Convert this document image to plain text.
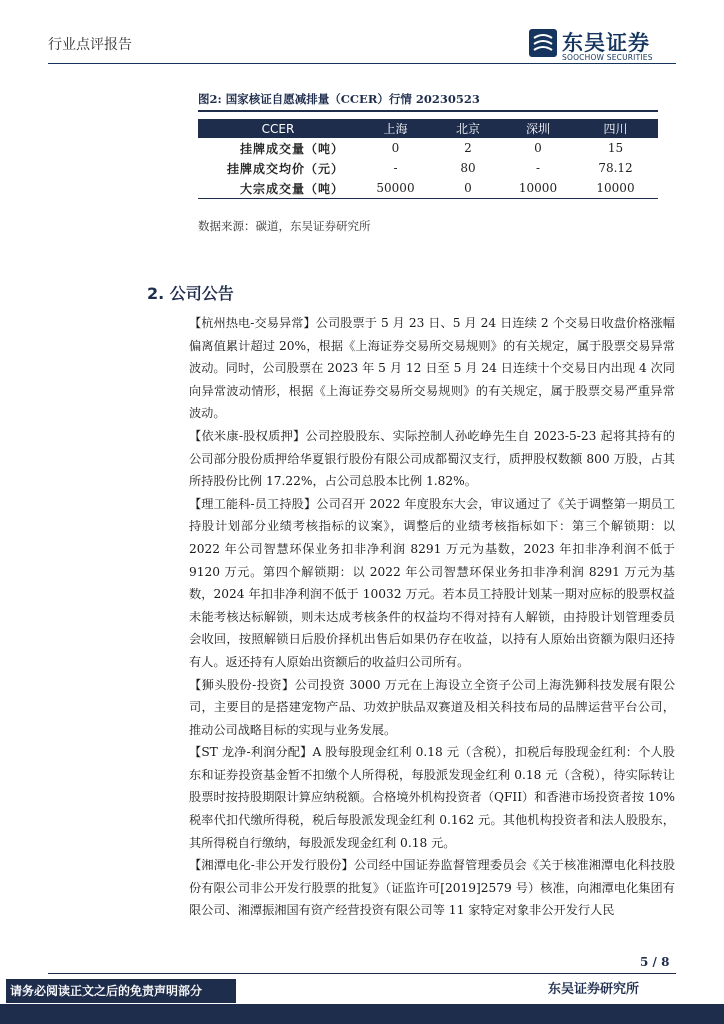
行业点评报告	东吴证券
SOOCHOW SECURITIES
图2: 国家核证自愿减排量（CCER）行情 20230523
CCER	上海	北京	深圳	四川
挂牌成交量（吨）	0	2	0	15
挂牌成交均价（元）	-	80	-	78.12
大宗成交量（吨）	50000	0	10000	10000
数据来源：碳道，东吴证券研究所
2. 公司公告

【杭州热电-交易异常】公司股票于 5 月 23 日、5 月 24 日连续 2 个交易日收盘价格涨幅偏离值累计超过 20%，根据《上海证券交易所交易规则》的有关规定，属于股票交易异常波动。同时，公司股票在 2023 年 5 月 12 日至 5 月 24 日连续十个交易日内出现 4 次同向异常波动情形，根据《上海证券交易所交易规则》的有关规定，属于股票交易严重异常波动。

【依米康-股权质押】公司控股股东、实际控制人孙屹峥先生自 2023-5-23 起将其持有的公司部分股份质押给华夏银行股份有限公司成都蜀汉支行，质押股权数额 800 万股，占其所持股份比例 17.22%，占公司总股本比例 1.82%。

【理工能科-员工持股】公司召开 2022 年度股东大会，审议通过了《关于调整第一期员工持股计划部分业绩考核指标的议案》，调整后的业绩考核指标如下：第三个解锁期：以 2022 年公司智慧环保业务扣非净利润 8291 万元为基数，2023 年扣非净利润不低于 9120 万元。第四个解锁期：以 2022 年公司智慧环保业务扣非净利润 8291 万元为基数，2024 年扣非净利润不低于 10032 万元。若本员工持股计划某一期对应标的股票权益未能考核达标解锁，则未达成考核条件的权益均不得对持有人解锁，由持股计划管理委员会收回，按照解锁日后股价择机出售后如果仍存在收益，以持有人原始出资额为限归还持有人。返还持有人原始出资额后的收益归公司所有。

【狮头股份-投资】公司投资 3000 万元在上海设立全资子公司上海洗狮科技发展有限公司，主要目的是搭建宠物产品、功效护肤品双赛道及相关科技布局的品牌运营平台公司，推动公司战略目标的实现与业务发展。

【ST 龙净-利润分配】A 股每股现金红利 0.18 元（含税），扣税后每股现金红利：个人股东和证券投资基金暂不扣缴个人所得税，每股派发现金红利 0.18 元（含税），待实际转让股票时按持股期限计算应纳税额。合格境外机构投资者（QFII）和香港市场投资者按 10%税率代扣代缴所得税，税后每股派发现金红利 0.162 元。其他机构投资者和法人股股东，其所得税自行缴纳，每股派发现金红利 0.18 元。

【湘潭电化-非公开发行股份】公司经中国证券监督管理委员会《关于核准湘潭电化科技股份有限公司非公开发行股票的批复》（证监许可[2019]2579 号）核准，向湘潭电化集团有限公司、湘潭振湘国有资产经营投资有限公司等 11 家特定对象非公开发行人民

5 / 8
请务必阅读正文之后的免责声明部分	东吴证券研究所
